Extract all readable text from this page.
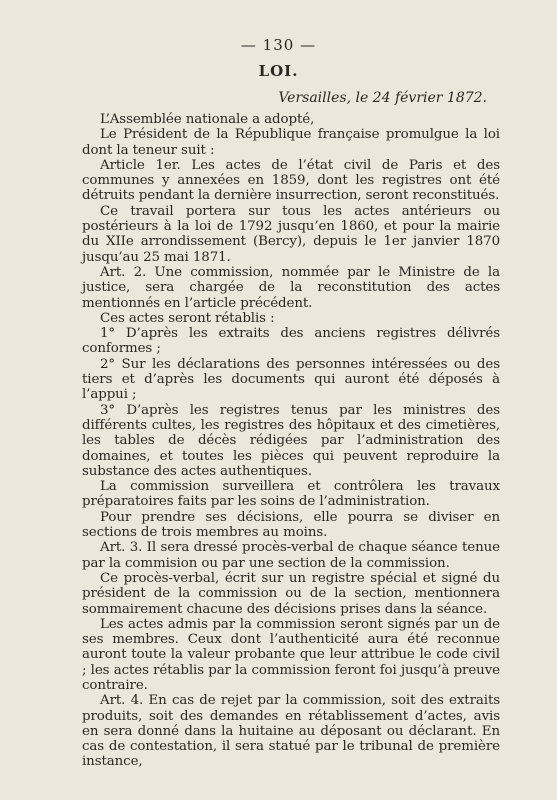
— 130 —
LOI.
Versailles, le 24 février 1872.

L’Assemblée nationale a adopté,

Le Président de la République française promulgue la loi dont la teneur suit :

Article 1er. Les actes de l’état civil de Paris et des communes y annexées en 1859, dont les registres ont été détruits pendant la dernière insurrection, seront reconstitués.

Ce travail portera sur tous les actes antérieurs ou postérieurs à la loi de 1792 jusqu’en 1860, et pour la mairie du XIIe arrondissement (Bercy), depuis le 1er janvier 1870 jusqu’au 25 mai 1871.

Art. 2. Une commission, nommée par le Ministre de la justice, sera chargée de la reconstitution des actes mentionnés en l’article précédent.

Ces actes seront rétablis :

1° D’après les extraits des anciens registres délivrés conformes ;

2° Sur les déclarations des personnes intéressées ou des tiers et d’après les documents qui auront été déposés à l’appui ;

3° D’après les registres tenus par les ministres des différents cultes, les registres des hôpitaux et des cimetières, les tables de décès rédigées par l’administration des domaines, et toutes les pièces qui peuvent reproduire la substance des actes authentiques.

La commission surveillera et contrôlera les travaux préparatoires faits par les soins de l’administration.

Pour prendre ses décisions, elle pourra se diviser en sections de trois membres au moins.

Art. 3. Il sera dressé procès-verbal de chaque séance tenue par la commision ou par une section de la commission.

Ce procès-verbal, écrit sur un registre spécial et signé du président de la commission ou de la section, mentionnera sommairement chacune des décisions prises dans la séance.

Les actes admis par la commission seront signés par un de ses membres. Ceux dont l’authenticité aura été reconnue auront toute la valeur probante que leur attribue le code civil ; les actes rétablis par la commission feront foi jusqu’à preuve contraire.

Art. 4. En cas de rejet par la commission, soit des extraits produits, soit des demandes en rétablissement d’actes, avis en sera donné dans la huitaine au déposant ou déclarant. En cas de contestation, il sera statué par le tribunal de première instance,
